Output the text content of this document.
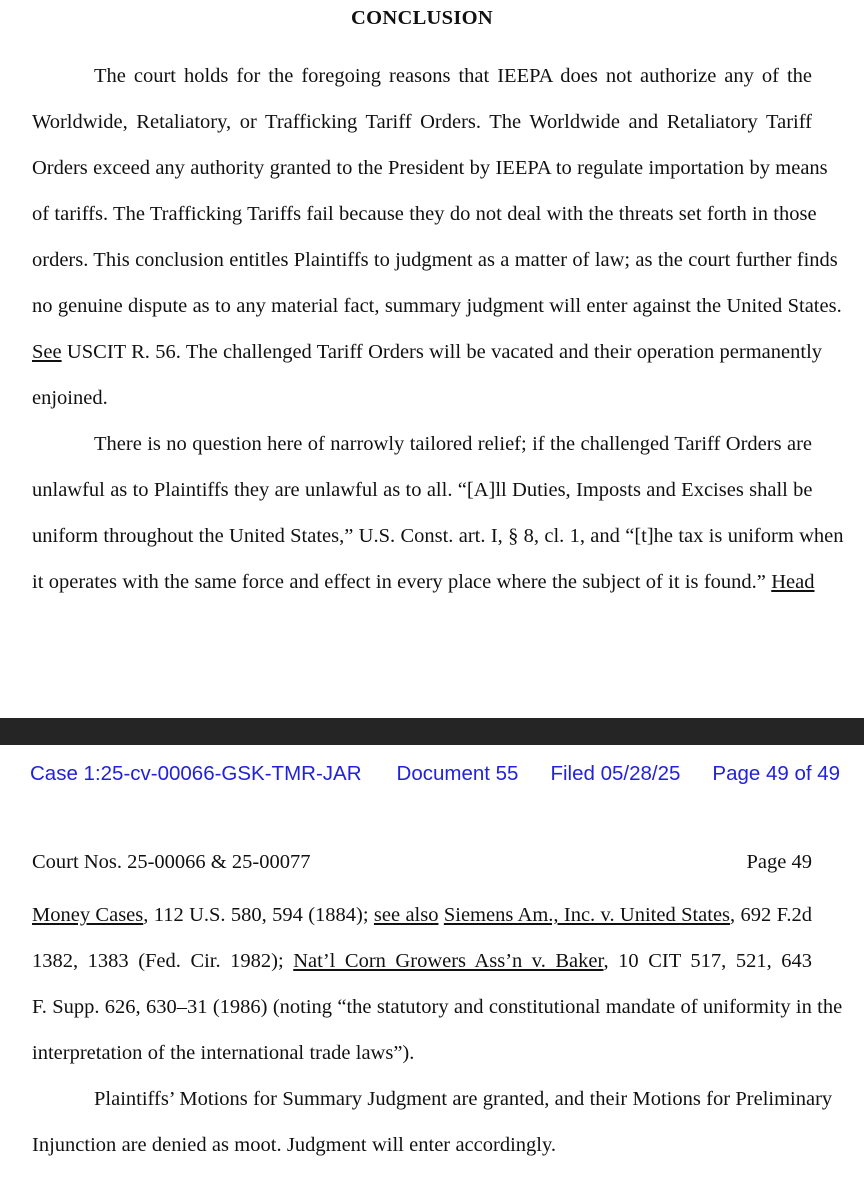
CONCLUSION

The court holds for the foregoing reasons that IEEPA does not authorize any of the
Worldwide, Retaliatory, or Trafficking Tariff Orders. The Worldwide and Retaliatory Tariff
Orders exceed any authority granted to the President by IEEPA to regulate importation by means
of tariffs. The Trafficking Tariffs fail because they do not deal with the threats set forth in those
orders. This conclusion entitles Plaintiffs to judgment as a matter of law; as the court further finds
no genuine dispute as to any material fact, summary judgment will enter against the United States.
See USCIT R. 56. The challenged Tariff Orders will be vacated and their operation permanently
enjoined.

There is no question here of narrowly tailored relief; if the challenged Tariff Orders are
unlawful as to Plaintiffs they are unlawful as to all. “[A]ll Duties, Imposts and Excises shall be
uniform throughout the United States,” U.S. Const. art. I, § 8, cl. 1, and “[t]he tax is uniform when
it operates with the same force and effect in every place where the subject of it is found.” Head

Case 1:25-cv-00066-GSK-TMR-JAR Document 55 Filed 05/28/25 Page 49 of 49
Court Nos. 25-00066 & 25-00077	Page 49

Money Cases, 112 U.S. 580, 594 (1884); see also Siemens Am., Inc. v. United States, 692 F.2d
1382, 1383 (Fed. Cir. 1982); Nat’l Corn Growers Ass’n v. Baker, 10 CIT 517, 521, 643
F. Supp. 626, 630–31 (1986) (noting “the statutory and constitutional mandate of uniformity in the
interpretation of the international trade laws”).

Plaintiffs’ Motions for Summary Judgment are granted, and their Motions for Preliminary
Injunction are denied as moot. Judgment will enter accordingly.
